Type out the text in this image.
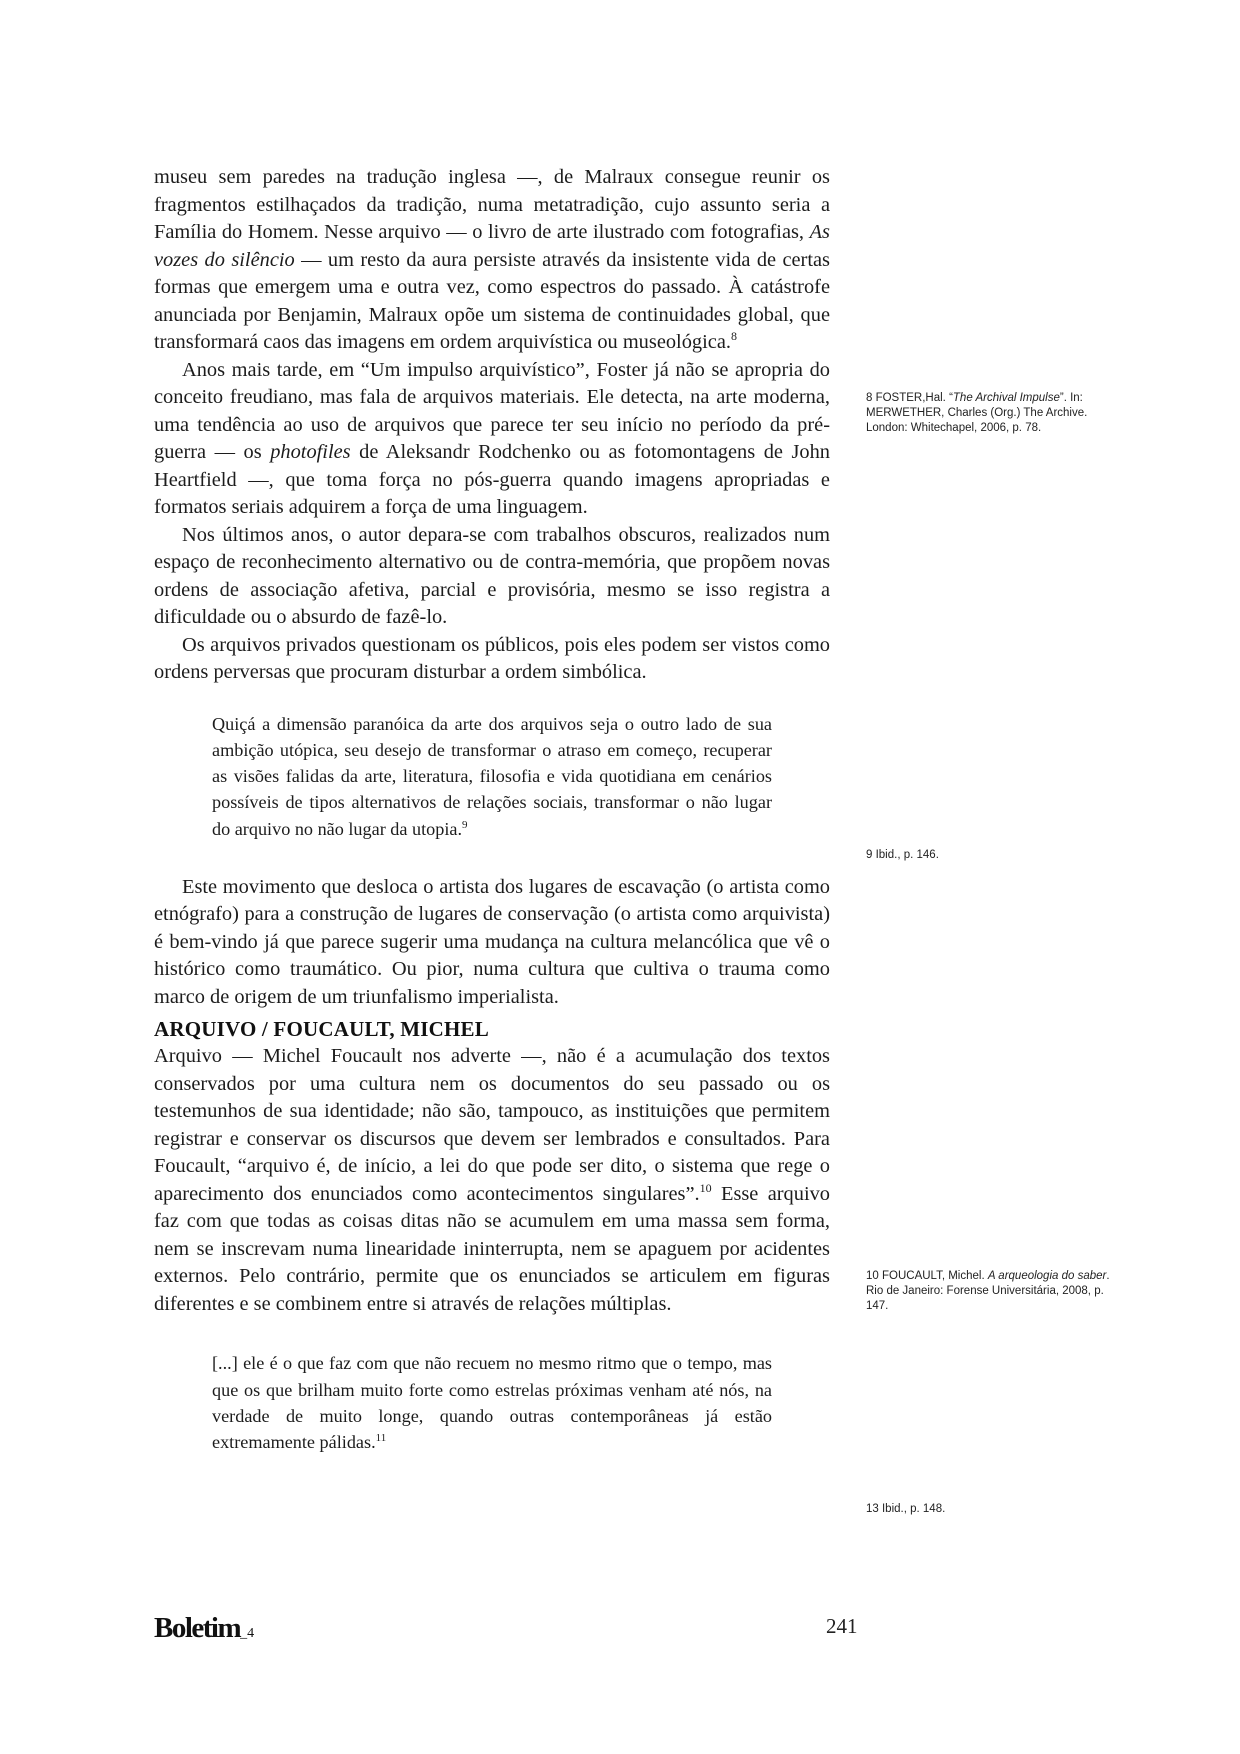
museu sem paredes na tradução inglesa —, de Malraux consegue reunir os fragmentos estilhaçados da tradição, numa metatradição, cujo assunto seria a Família do Homem. Nesse arquivo — o livro de arte ilustrado com fotografias, As vozes do silêncio — um resto da aura persiste através da insistente vida de certas formas que emergem uma e outra vez, como espectros do passado. À catástrofe anunciada por Benjamin, Malraux opõe um sistema de continuidades global, que transformará caos das imagens em ordem arquivística ou museológica.$^8$

Anos mais tarde, em “Um impulso arquivístico”, Foster já não se apropria do conceito freudiano, mas fala de arquivos materiais. Ele detecta, na arte moderna, uma tendência ao uso de arquivos que parece ter seu início no período da pré-guerra — os photofiles de Aleksandr Rodchenko ou as fotomontagens de John Heartfield —, que toma força no pós-guerra quando imagens apropriadas e formatos seriais adquirem a força de uma linguagem.

Nos últimos anos, o autor depara-se com trabalhos obscuros, realizados num espaço de reconhecimento alternativo ou de contra-memória, que propõem novas ordens de associação afetiva, parcial e provisória, mesmo se isso registra a dificuldade ou o absurdo de fazê-lo.

Os arquivos privados questionam os públicos, pois eles podem ser vistos como ordens perversas que procuram disturbar a ordem simbólica.

Quiçá a dimensão paranóica da arte dos arquivos seja o outro lado de sua ambição utópica, seu desejo de transformar o atraso em começo, recuperar as visões falidas da arte, literatura, filosofia e vida quotidiana em cenários possíveis de tipos alternativos de relações sociais, transformar o não lugar do arquivo no não lugar da utopia.$^9$

Este movimento que desloca o artista dos lugares de escavação (o artista como etnógrafo) para a construção de lugares de conservação (o artista como arquivista) é bem-vindo já que parece sugerir uma mudança na cultura melancólica que vê o histórico como traumático. Ou pior, numa cultura que cultiva o trauma como marco de origem de um triunfalismo imperialista.

ARQUIVO / FOUCAULT, MICHEL

Arquivo — Michel Foucault nos adverte —, não é a acumulação dos textos conservados por uma cultura nem os documentos do seu passado ou os testemunhos de sua identidade; não são, tampouco, as instituições que permitem registrar e conservar os discursos que devem ser lembrados e consultados. Para Foucault, “arquivo é, de início, a lei do que pode ser dito, o sistema que rege o aparecimento dos enunciados como acontecimentos singulares”.$^{10}$ Esse arquivo faz com que todas as coisas ditas não se acumulem em uma massa sem forma, nem se inscrevam numa linearidade ininterrupta, nem se apaguem por acidentes externos. Pelo contrário, permite que os enunciados se articulem em figuras diferentes e se combinem entre si através de relações múltiplas.

[...] ele é o que faz com que não recuem no mesmo ritmo que o tempo, mas que os que brilham muito forte como estrelas próximas venham até nós, na verdade de muito longe, quando outras contemporâneas já estão extremamente pálidas.$^{11}$
8 FOSTER,Hal. “The Archival Impulse”. In: MERWETHER, Charles (Org.) The Archive. London: Whitechapel, 2006, p. 78.
9 Ibid., p. 146.
10 FOUCAULT, Michel. A arqueologia do saber. Rio de Janeiro: Forense Universitária, 2008, p. 147.
13 Ibid., p. 148.
Boletim_4	241
